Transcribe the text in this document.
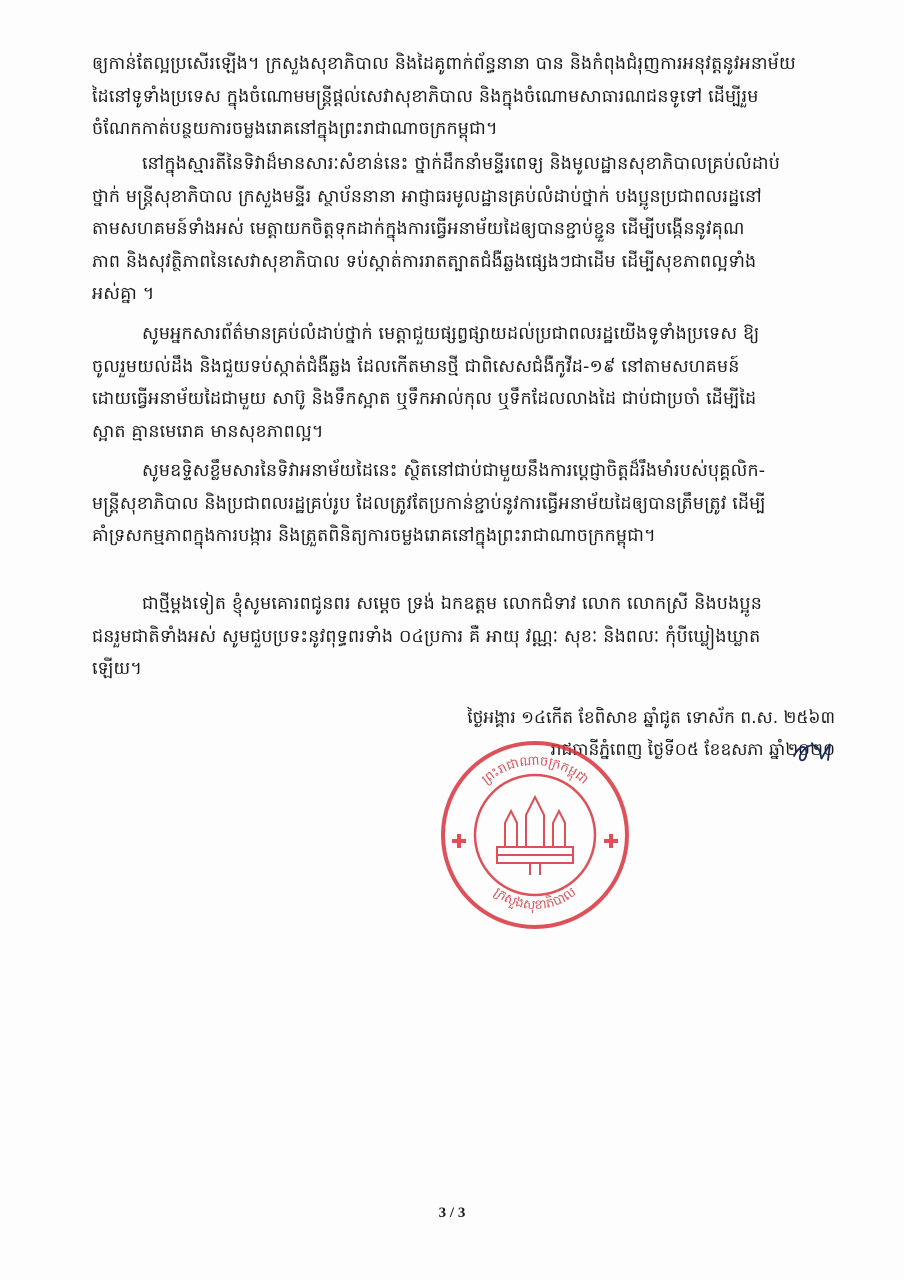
ឲ្យកាន់តែល្អប្រសើរឡើង។ ក្រសួងសុខាភិបាល និងដៃគូពាក់ព័ន្ធនានា បាន និងកំពុងជំរុញការអនុវត្តនូវអនាម័យ
ដៃនៅទូទាំងប្រទេស ក្នុងចំណោមមន្ត្រីផ្តល់សេវាសុខាភិបាល និងក្នុងចំណោមសាធារណជនទូទៅ ដើម្បីរួម
ចំណែកកាត់បន្ថយការចម្លងរោគនៅក្នុងព្រះរាជាណាចក្រកម្ពុជា។
នៅក្នុងស្មារតីនៃទិវាដ៏មានសារៈសំខាន់នេះ ថ្នាក់ដឹកនាំមន្ទីរពេទ្យ និងមូលដ្ឋានសុខាភិបាលគ្រប់លំដាប់
ថ្នាក់ មន្ត្រីសុខាភិបាល ក្រសួងមន្ទីរ ស្ថាប័ននានា អាជ្ញាធរមូលដ្ឋានគ្រប់លំដាប់ថ្នាក់ បងប្អូនប្រជាពលរដ្ឋនៅ
តាមសហគមន៍ទាំងអស់ មេត្តាយកចិត្តទុកដាក់ក្នុងការធ្វើអនាម័យដៃឲ្យបានខ្ជាប់ខ្ជួន ដើម្បីបង្កើននូវគុណ
ភាព និងសុវត្ថិភាពនៃសេវាសុខាភិបាល ទប់ស្កាត់ការរាតត្បាតជំងឺឆ្លងផ្សេងៗជាដើម ដើម្បីសុខភាពល្អទាំង
អស់គ្នា ។
សូមអ្នកសារព័ត៌មានគ្រប់លំដាប់ថ្នាក់ មេត្តាជួយផ្សព្វផ្សាយដល់ប្រជាពលរដ្ឋយើងទូទាំងប្រទេស ឱ្យ
ចូលរួមយល់ដឹង និងជួយទប់ស្កាត់ជំងឺឆ្លង ដែលកើតមានថ្មី ជាពិសេសជំងឺកូវីដ-១៩ នៅតាមសហគមន៍
ដោយធ្វើអនាម័យដៃជាមួយ សាប៊ូ និងទឹកស្អាត ឬទឹកអាល់កុល ឬទឹកដែលលាងដៃ ជាប់ជាប្រចាំ ដើម្បីដៃ
ស្អាត គ្មានមេរោគ មានសុខភាពល្អ។
សូមឧទ្ទិសខ្លឹមសារនៃទិវាអនាម័យដៃនេះ ស្ថិតនៅជាប់ជាមួយនឹងការប្តេជ្ញាចិត្តដ៏រឹងមាំរបស់បុគ្គលិក-
មន្ត្រីសុខាភិបាល និងប្រជាពលរដ្ឋគ្រប់រូប ដែលត្រូវតែប្រកាន់ខ្ជាប់នូវការធ្វើអនាម័យដៃឲ្យបានត្រឹមត្រូវ ដើម្បី
គាំទ្រសកម្មភាពក្នុងការបង្ការ និងត្រួតពិនិត្យការចម្លងរោគនៅក្នុងព្រះរាជាណាចក្រកម្ពុជា។
ជាថ្មីម្តងទៀត ខ្ញុំសូមគោរពជូនពរ សម្តេច ទ្រង់ ឯកឧត្តម លោកជំទាវ លោក លោកស្រី និងបងប្អូន
ជនរួមជាតិទាំងអស់ សូមជួបប្រទះនូវពុទ្ធពរទាំង ០៤ប្រការ គឺ អាយុ វណ្ណៈ សុខៈ និងពលៈ កុំបីឃ្លៀងឃ្លាត
ឡើយ។
ថ្ងៃអង្គារ ១៤កើត ខែពិសាខ ឆ្នាំជូត ទោស័ក ព.ស. ២៥៦៣
រាជធានីភ្នំពេញ ថ្ងៃទី០៥ ខែឧសភា ឆ្នាំ២០២០
ព្រះរាជាណាចក្រកម្ពុជា
ក្រសួងសុខាភិបាល
3 / 3
